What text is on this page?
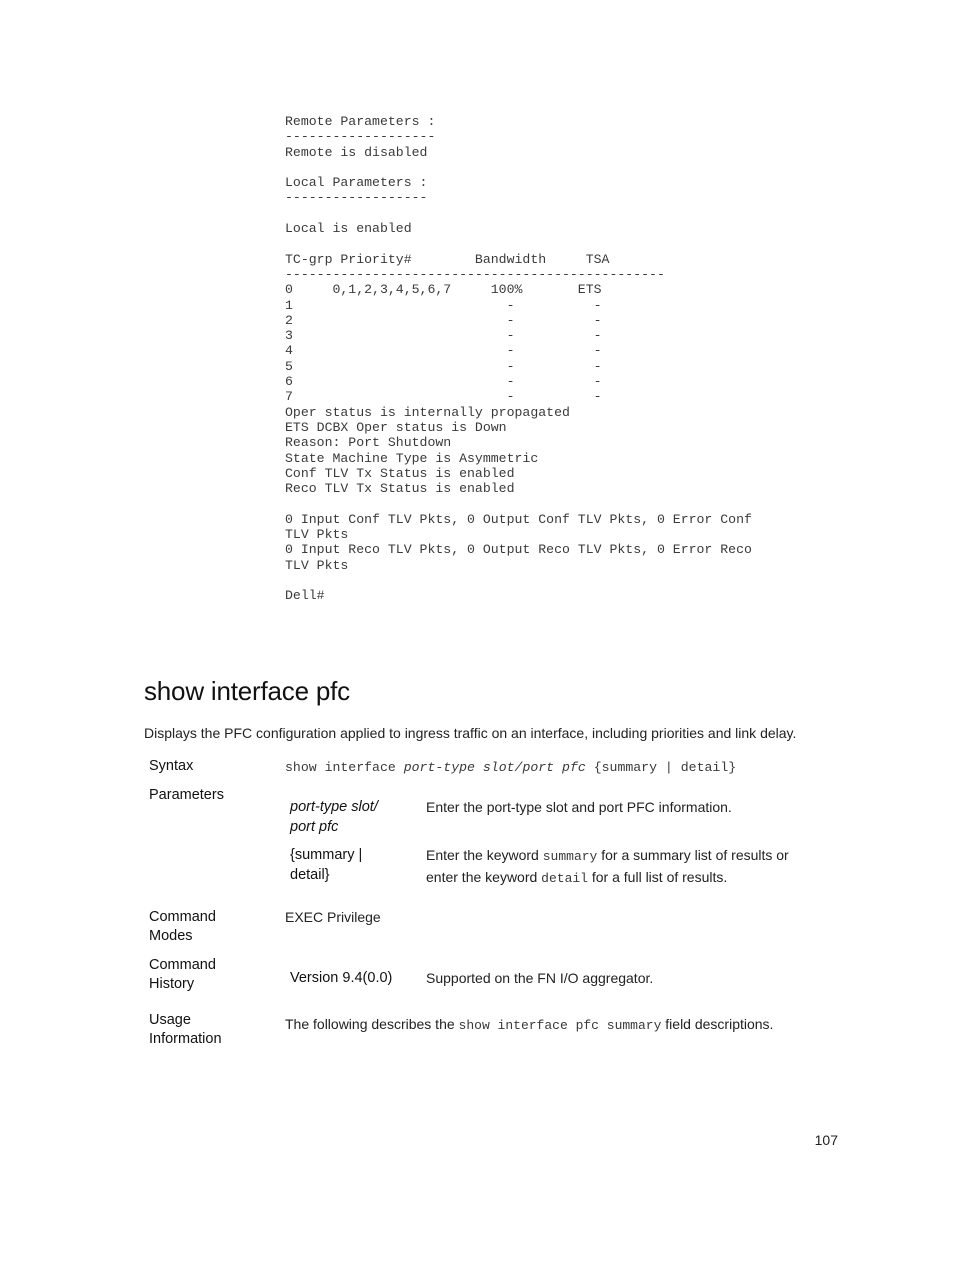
Remote Parameters :
-------------------
Remote is disabled

Local Parameters :
------------------

Local is enabled

TC-grp Priority#        Bandwidth     TSA
------------------------------------------------
0     0,1,2,3,4,5,6,7     100%       ETS
1                           -          -
2                           -          -
3                           -          -
4                           -          -
5                           -          -
6                           -          -
7                           -          -
Oper status is internally propagated
ETS DCBX Oper status is Down
Reason: Port Shutdown
State Machine Type is Asymmetric
Conf TLV Tx Status is enabled
Reco TLV Tx Status is enabled

0 Input Conf TLV Pkts, 0 Output Conf TLV Pkts, 0 Error Conf
TLV Pkts
0 Input Reco TLV Pkts, 0 Output Reco TLV Pkts, 0 Error Reco
TLV Pkts

Dell#
show interface pfc

Displays the PFC configuration applied to ingress traffic on an interface, including priorities and link delay.

Syntax	show interface port-type slot/port pfc {summary | detail}
Parameters
port-type slot/
port pfc
Enter the port-type slot and port PFC information.
{summary |
detail}
Enter the keyword summary for a summary list of results or
enter the keyword detail for a full list of results.
Command
Modes
EXEC Privilege
Command
History	Version 9.4(0.0) Supported on the FN I/O aggregator.
Usage
Information
The following describes the show interface pfc summary field descriptions.
107
